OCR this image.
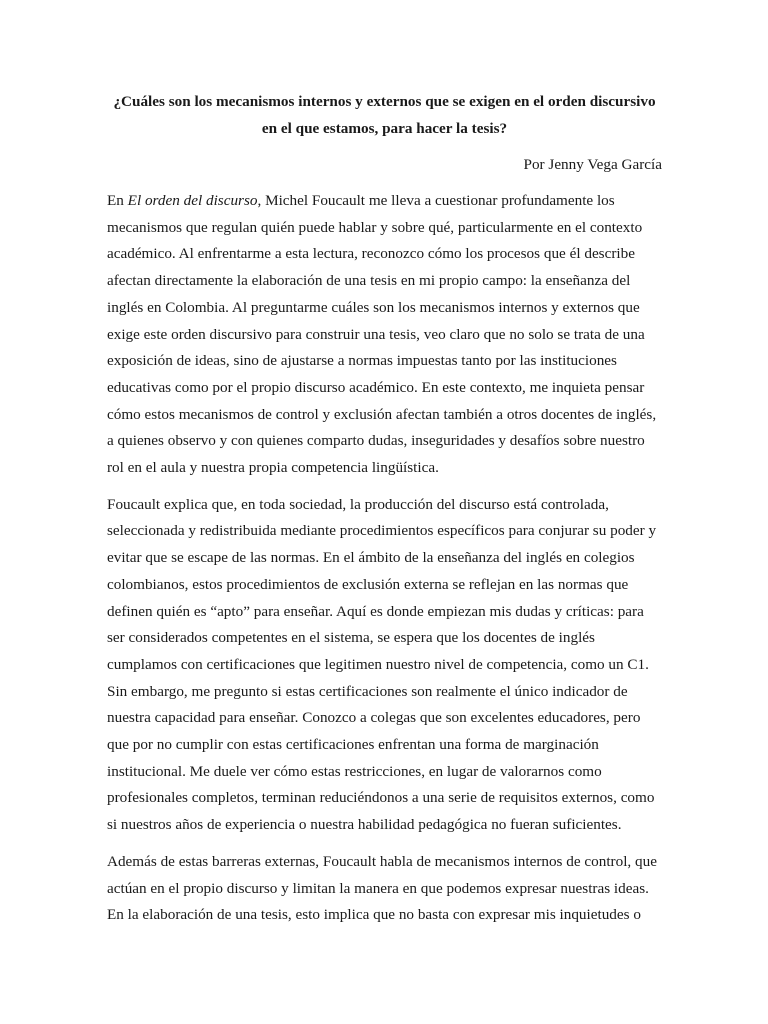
¿Cuáles son los mecanismos internos y externos que se exigen en el orden discursivo en el que estamos, para hacer la tesis?

Por Jenny Vega García

En El orden del discurso, Michel Foucault me lleva a cuestionar profundamente los mecanismos que regulan quién puede hablar y sobre qué, particularmente en el contexto académico. Al enfrentarme a esta lectura, reconozco cómo los procesos que él describe afectan directamente la elaboración de una tesis en mi propio campo: la enseñanza del inglés en Colombia. Al preguntarme cuáles son los mecanismos internos y externos que exige este orden discursivo para construir una tesis, veo claro que no solo se trata de una exposición de ideas, sino de ajustarse a normas impuestas tanto por las instituciones educativas como por el propio discurso académico. En este contexto, me inquieta pensar cómo estos mecanismos de control y exclusión afectan también a otros docentes de inglés, a quienes observo y con quienes comparto dudas, inseguridades y desafíos sobre nuestro rol en el aula y nuestra propia competencia lingüística.

Foucault explica que, en toda sociedad, la producción del discurso está controlada, seleccionada y redistribuida mediante procedimientos específicos para conjurar su poder y evitar que se escape de las normas. En el ámbito de la enseñanza del inglés en colegios colombianos, estos procedimientos de exclusión externa se reflejan en las normas que definen quién es “apto” para enseñar. Aquí es donde empiezan mis dudas y críticas: para ser considerados competentes en el sistema, se espera que los docentes de inglés cumplamos con certificaciones que legitimen nuestro nivel de competencia, como un C1. Sin embargo, me pregunto si estas certificaciones son realmente el único indicador de nuestra capacidad para enseñar. Conozco a colegas que son excelentes educadores, pero que por no cumplir con estas certificaciones enfrentan una forma de marginación institucional. Me duele ver cómo estas restricciones, en lugar de valorarnos como profesionales completos, terminan reduciéndonos a una serie de requisitos externos, como si nuestros años de experiencia o nuestra habilidad pedagógica no fueran suficientes.

Además de estas barreras externas, Foucault habla de mecanismos internos de control, que actúan en el propio discurso y limitan la manera en que podemos expresar nuestras ideas. En la elaboración de una tesis, esto implica que no basta con expresar mis inquietudes o
